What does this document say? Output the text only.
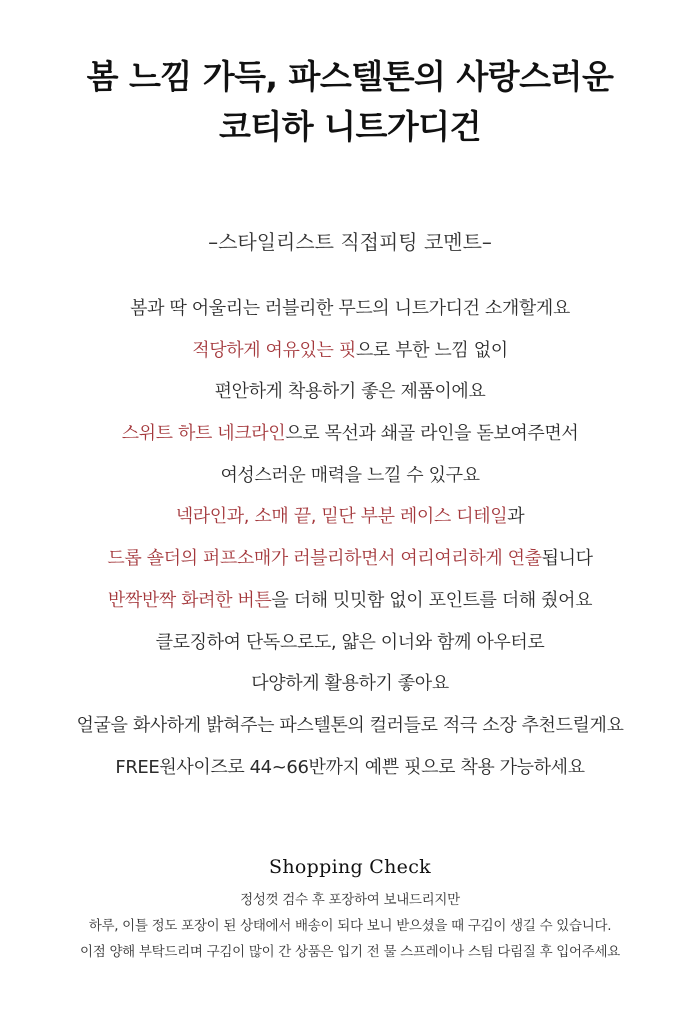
봄 느낌 가득, 파스텔톤의 사랑스러운
코티하 니트가디건
–스타일리스트 직접피팅 코멘트–
봄과 딱 어울리는 러블리한 무드의 니트가디건 소개할게요
적당하게 여유있는 핏으로 부한 느낌 없이
편안하게 착용하기 좋은 제품이에요
스위트 하트 네크라인으로 목선과 쇄골 라인을 돋보여주면서
여성스러운 매력을 느낄 수 있구요
넥라인과, 소매 끝, 밑단 부분 레이스 디테일과
드롭 숄더의 퍼프소매가 러블리하면서 여리여리하게 연출됩니다
반짝반짝 화려한 버튼을 더해 밋밋함 없이 포인트를 더해 줬어요
클로징하여 단독으로도, 얇은 이너와 함께 아우터로
다양하게 활용하기 좋아요
얼굴을 화사하게 밝혀주는 파스텔톤의 컬러들로 적극 소장 추천드릴게요
FREE원사이즈로 44~66반까지 예쁜 핏으로 착용 가능하세요
Shopping Check
정성껏 검수 후 포장하여 보내드리지만
하루, 이틀 정도 포장이 된 상태에서 배송이 되다 보니 받으셨을 때 구김이 생길 수 있습니다.
이점 양해 부탁드리며 구김이 많이 간 상품은 입기 전 물 스프레이나 스팀 다림질 후 입어주세요
